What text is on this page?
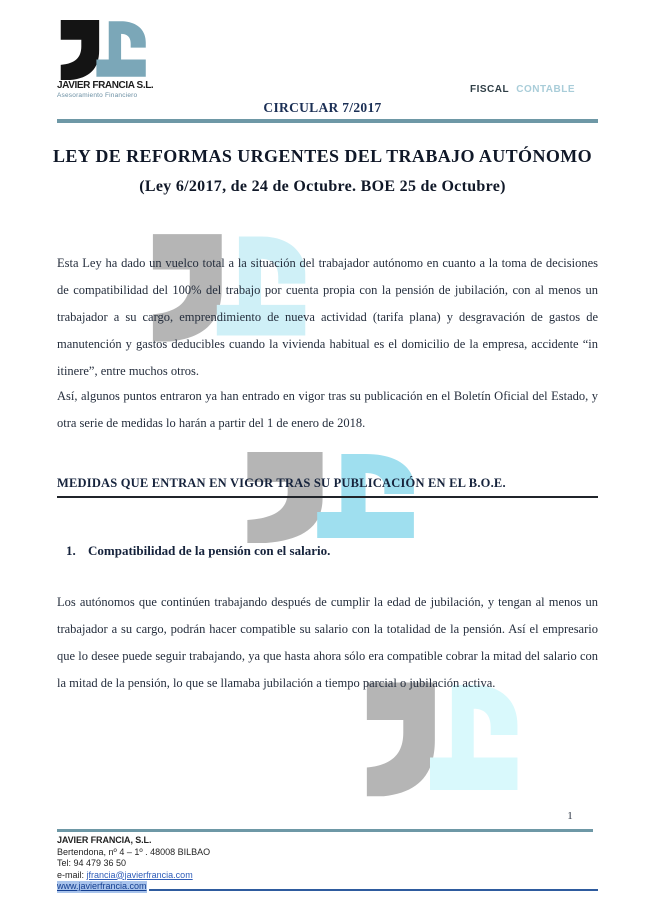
JAVIER FRANCIA S.L.
Asesoramiento Financiero
FISCAL CONTABLE
CIRCULAR 7/2017
LEY DE REFORMAS URGENTES DEL TRABAJO AUTÓNOMO
(Ley 6/2017, de 24 de Octubre. BOE 25 de Octubre)
Esta Ley ha dado un vuelco total a la situación del trabajador autónomo en cuanto a la toma de decisiones de compatibilidad del 100% del trabajo por cuenta propia con la pensión de jubilación, con al menos un trabajador a su cargo, emprendimiento de nueva actividad (tarifa plana) y desgravación de gastos de manutención y gastos deducibles cuando la vivienda habitual es el domicilio de la empresa, accidente “in itinere”, entre muchos otros.
Así, algunos puntos entraron ya han entrado en vigor tras su publicación en el Boletín Oficial del Estado, y otra serie de medidas lo harán a partir del 1 de enero de 2018.
MEDIDAS QUE ENTRAN EN VIGOR TRAS SU PUBLICACIÓN EN EL B.O.E.
1. Compatibilidad de la pensión con el salario.
Los autónomos que continúen trabajando después de cumplir la edad de jubilación, y tengan al menos un trabajador a su cargo, podrán hacer compatible su salario con la totalidad de la pensión. Así el empresario que lo desee puede seguir trabajando, ya que hasta ahora sólo era compatible cobrar la mitad del salario con la mitad de la pensión, lo que se llamaba jubilación a tiempo parcial o jubilación activa.
1
JAVIER FRANCIA, S.L.
Bertendona, nº 4 – 1º . 48008 BILBAO
Tel: 94 479 36 50
e-mail: jfrancia@javierfrancia.com
www.javierfrancia.com
